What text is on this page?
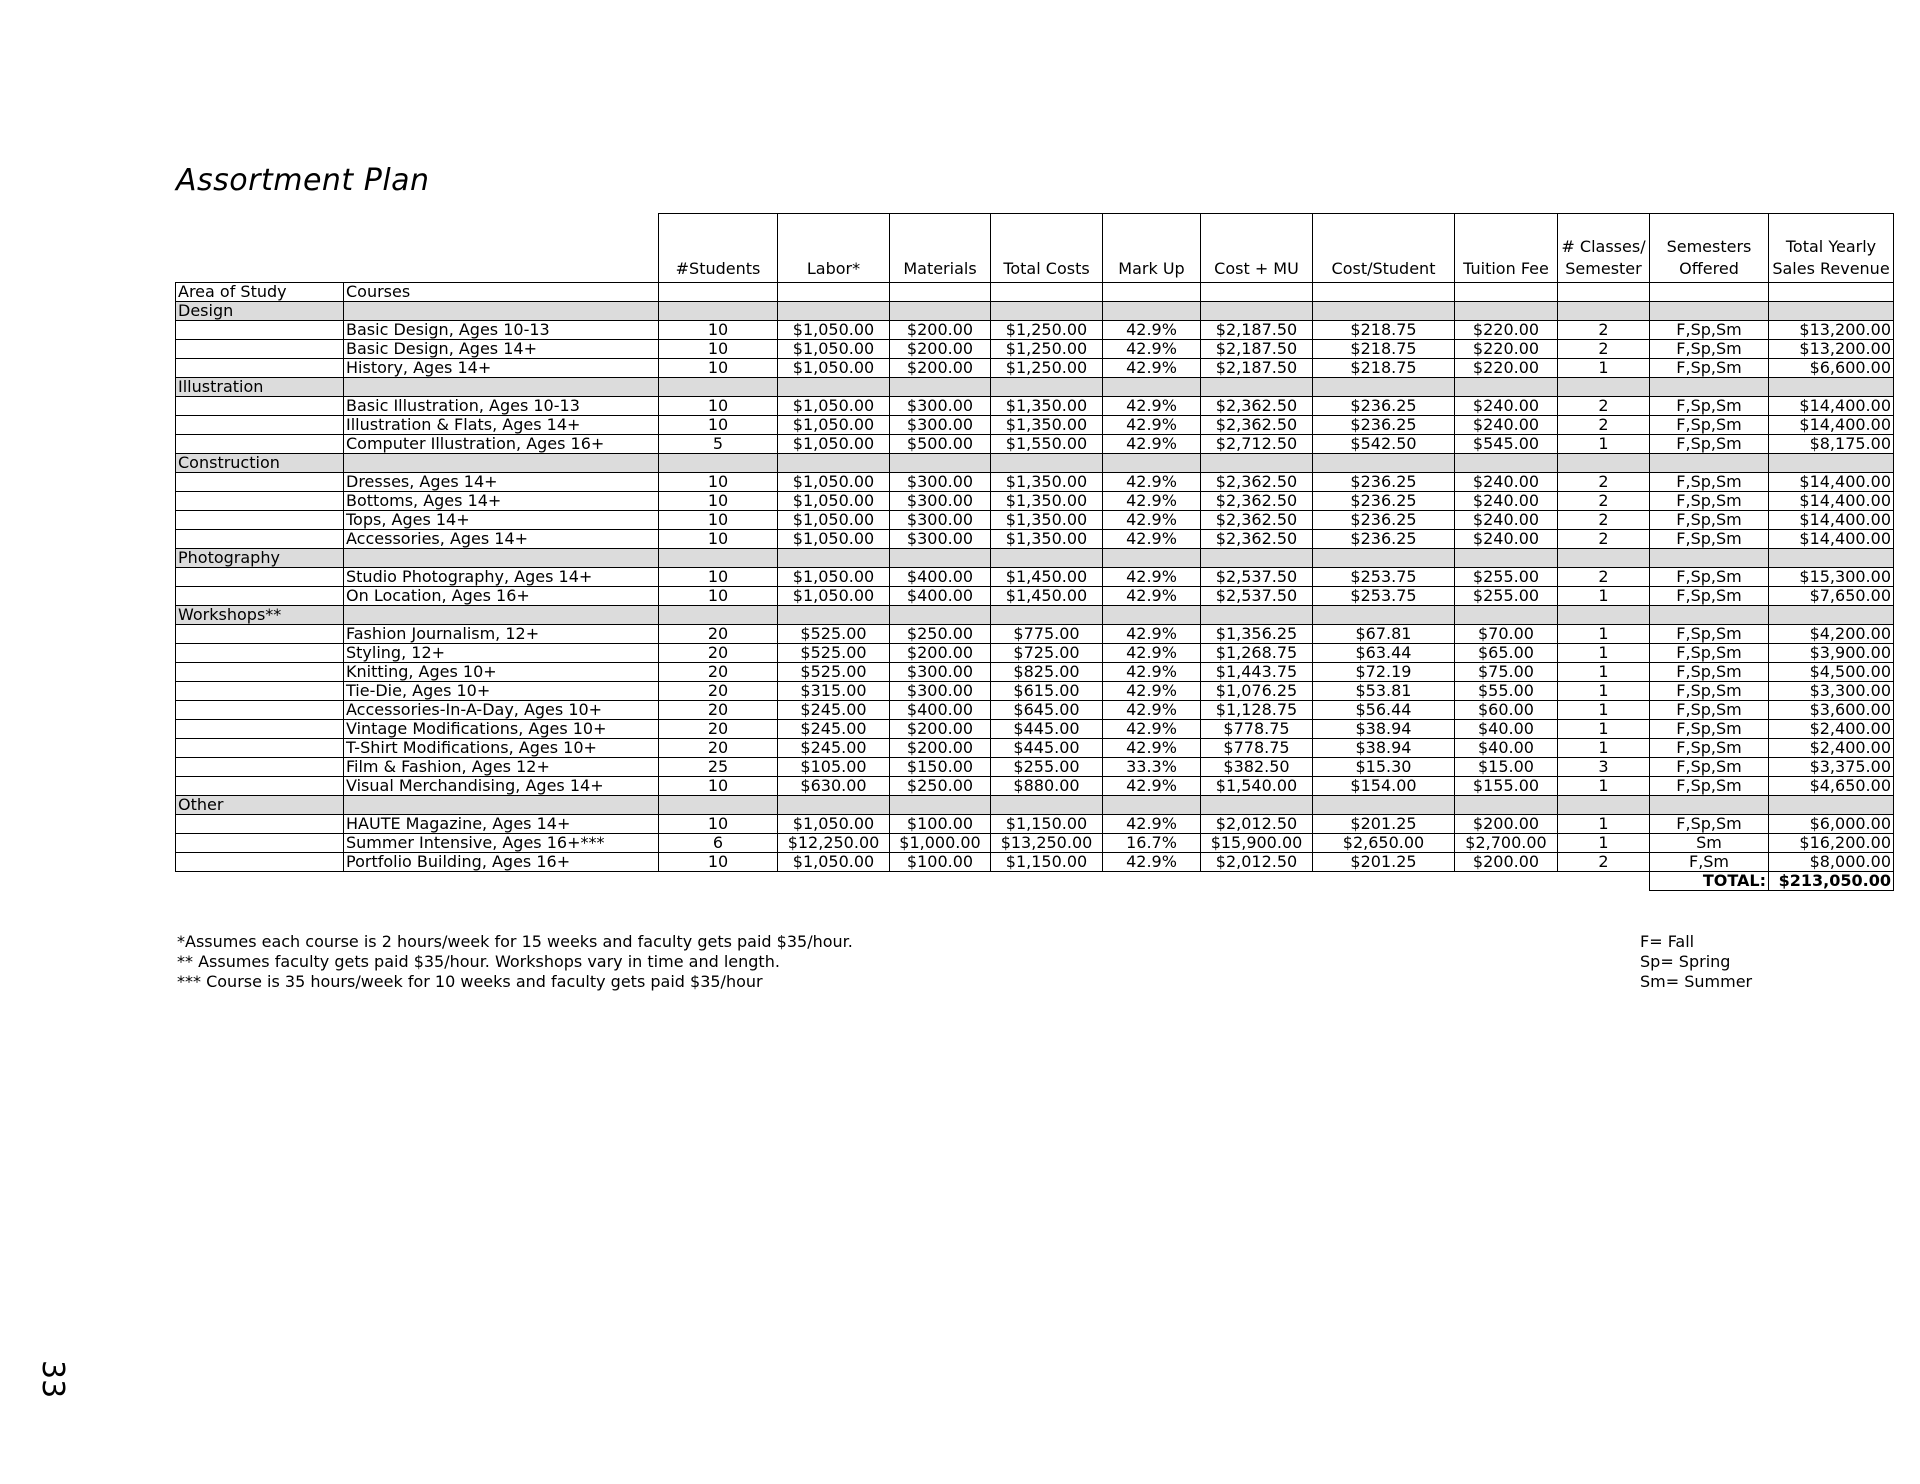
Assortment Plan
		#Students	Labor*	Materials	Total Costs	Mark Up	Cost + MU	Cost/Student	Tuition Fee	# Classes/ Semester	Semesters Offered	Total Yearly Sales Revenue
Area of Study	Courses											
Design												
	Basic Design, Ages 10-13	10	$1,050.00	$200.00	$1,250.00	42.9%	$2,187.50	$218.75	$220.00	2	F,Sp,Sm	$13,200.00
	Basic Design, Ages 14+	10	$1,050.00	$200.00	$1,250.00	42.9%	$2,187.50	$218.75	$220.00	2	F,Sp,Sm	$13,200.00
	History, Ages 14+	10	$1,050.00	$200.00	$1,250.00	42.9%	$2,187.50	$218.75	$220.00	1	F,Sp,Sm	$6,600.00
Illustration												
	Basic Illustration, Ages 10-13	10	$1,050.00	$300.00	$1,350.00	42.9%	$2,362.50	$236.25	$240.00	2	F,Sp,Sm	$14,400.00
	Illustration & Flats, Ages 14+	10	$1,050.00	$300.00	$1,350.00	42.9%	$2,362.50	$236.25	$240.00	2	F,Sp,Sm	$14,400.00
	Computer Illustration, Ages 16+	5	$1,050.00	$500.00	$1,550.00	42.9%	$2,712.50	$542.50	$545.00	1	F,Sp,Sm	$8,175.00
Construction												
	Dresses, Ages 14+	10	$1,050.00	$300.00	$1,350.00	42.9%	$2,362.50	$236.25	$240.00	2	F,Sp,Sm	$14,400.00
	Bottoms, Ages 14+	10	$1,050.00	$300.00	$1,350.00	42.9%	$2,362.50	$236.25	$240.00	2	F,Sp,Sm	$14,400.00
	Tops, Ages 14+	10	$1,050.00	$300.00	$1,350.00	42.9%	$2,362.50	$236.25	$240.00	2	F,Sp,Sm	$14,400.00
	Accessories, Ages 14+	10	$1,050.00	$300.00	$1,350.00	42.9%	$2,362.50	$236.25	$240.00	2	F,Sp,Sm	$14,400.00
Photography												
	Studio Photography, Ages 14+	10	$1,050.00	$400.00	$1,450.00	42.9%	$2,537.50	$253.75	$255.00	2	F,Sp,Sm	$15,300.00
	On Location, Ages 16+	10	$1,050.00	$400.00	$1,450.00	42.9%	$2,537.50	$253.75	$255.00	1	F,Sp,Sm	$7,650.00
Workshops**												
	Fashion Journalism, 12+	20	$525.00	$250.00	$775.00	42.9%	$1,356.25	$67.81	$70.00	1	F,Sp,Sm	$4,200.00
	Styling, 12+	20	$525.00	$200.00	$725.00	42.9%	$1,268.75	$63.44	$65.00	1	F,Sp,Sm	$3,900.00
	Knitting, Ages 10+	20	$525.00	$300.00	$825.00	42.9%	$1,443.75	$72.19	$75.00	1	F,Sp,Sm	$4,500.00
	Tie-Die, Ages 10+	20	$315.00	$300.00	$615.00	42.9%	$1,076.25	$53.81	$55.00	1	F,Sp,Sm	$3,300.00
	Accessories-In-A-Day, Ages 10+	20	$245.00	$400.00	$645.00	42.9%	$1,128.75	$56.44	$60.00	1	F,Sp,Sm	$3,600.00
	Vintage Modifications, Ages 10+	20	$245.00	$200.00	$445.00	42.9%	$778.75	$38.94	$40.00	1	F,Sp,Sm	$2,400.00
	T-Shirt Modifications, Ages 10+	20	$245.00	$200.00	$445.00	42.9%	$778.75	$38.94	$40.00	1	F,Sp,Sm	$2,400.00
	Film & Fashion, Ages 12+	25	$105.00	$150.00	$255.00	33.3%	$382.50	$15.30	$15.00	3	F,Sp,Sm	$3,375.00
	Visual Merchandising, Ages 14+	10	$630.00	$250.00	$880.00	42.9%	$1,540.00	$154.00	$155.00	1	F,Sp,Sm	$4,650.00
Other												
	HAUTE Magazine, Ages 14+	10	$1,050.00	$100.00	$1,150.00	42.9%	$2,012.50	$201.25	$200.00	1	F,Sp,Sm	$6,000.00
	Summer Intensive, Ages 16+***	6	$12,250.00	$1,000.00	$13,250.00	16.7%	$15,900.00	$2,650.00	$2,700.00	1	Sm	$16,200.00
	Portfolio Building, Ages 16+	10	$1,050.00	$100.00	$1,150.00	42.9%	$2,012.50	$201.25	$200.00	2	F,Sm	$8,000.00
											TOTAL:	$213,050.00
*Assumes each course is 2 hours/week for 15 weeks and faculty gets paid $35/hour.
** Assumes faculty gets paid $35/hour. Workshops vary in time and length.
*** Course is 35 hours/week for 10 weeks and faculty gets paid $35/hour
F= Fall
Sp= Spring
Sm= Summer
33
